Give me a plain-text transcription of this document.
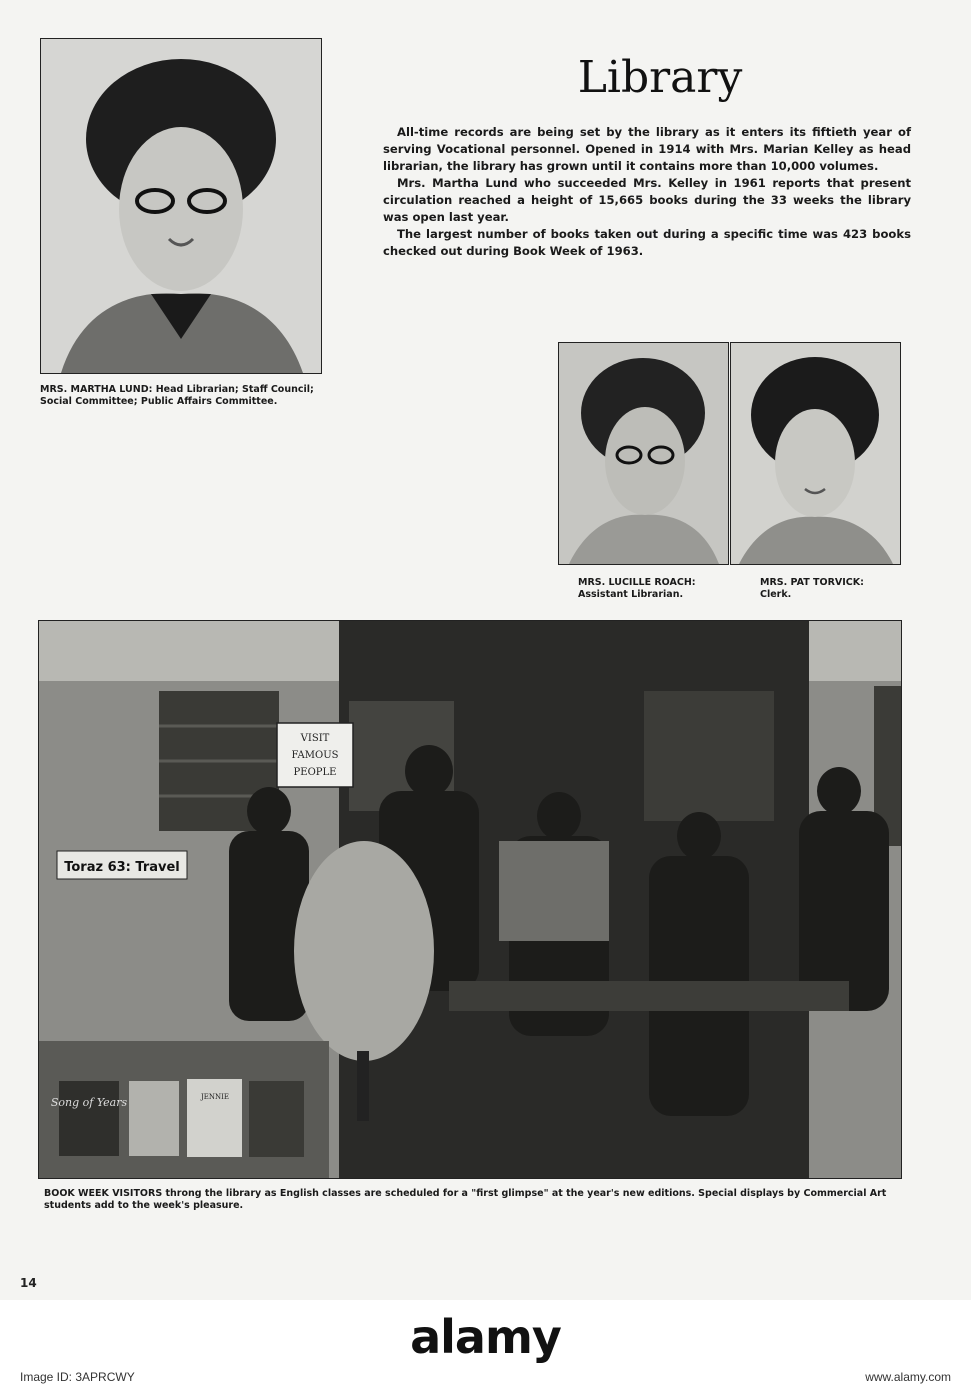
MRS. MARTHA LUND: Head Librarian; Staff Council; Social Committee; Public Affairs Committee.
Library

All-time records are being set by the library as it enters its fiftieth year of serving Vocational personnel. Opened in 1914 with Mrs. Marian Kelley as head librarian, the library has grown until it contains more than 10,000 volumes.

Mrs. Martha Lund who succeeded Mrs. Kelley in 1961 reports that present circulation reached a height of 15,665 books during the 33 weeks the library was open last year.

The largest number of books taken out during a specific time was 423 books checked out during Book Week of 1963.

MRS. LUCILLE ROACH:
Assistant Librarian.
MRS. PAT TORVICK:
Clerk.
VISIT
FAMOUS
PEOPLE
Toraz 63: Travel
Song of Years	JENNIE
BOOK WEEK VISITORS throng the library as English classes are scheduled for a "first glimpse" at the year's new editions. Special displays by Commercial Art students add to the week's pleasure.
14
alamy
Image ID: 3APRCWY	www.alamy.com
